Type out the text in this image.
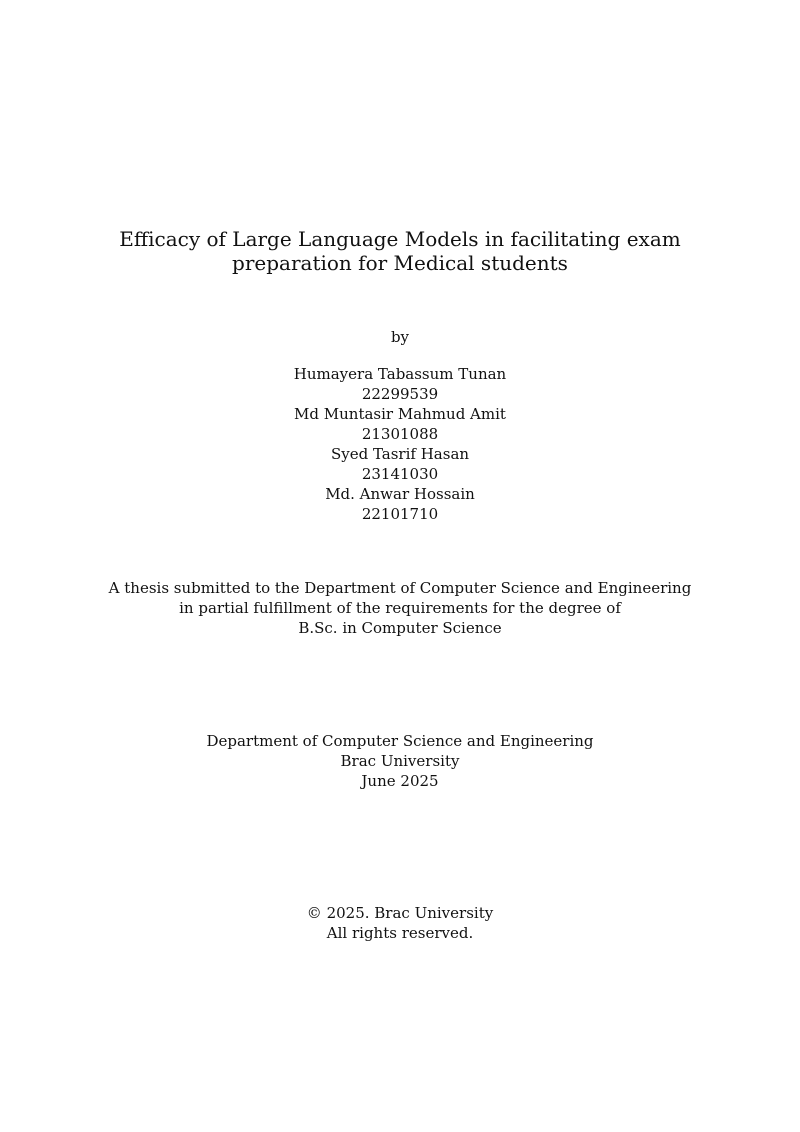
Efficacy of Large Language Models in facilitating exam
preparation for Medical students
by
Humayera Tabassum Tunan
22299539
Md Muntasir Mahmud Amit
21301088
Syed Tasrif Hasan
23141030
Md. Anwar Hossain
22101710
A thesis submitted to the Department of Computer Science and Engineering
in partial fulfillment of the requirements for the degree of
B.Sc. in Computer Science
Department of Computer Science and Engineering
Brac University
June 2025
© 2025. Brac University
All rights reserved.
